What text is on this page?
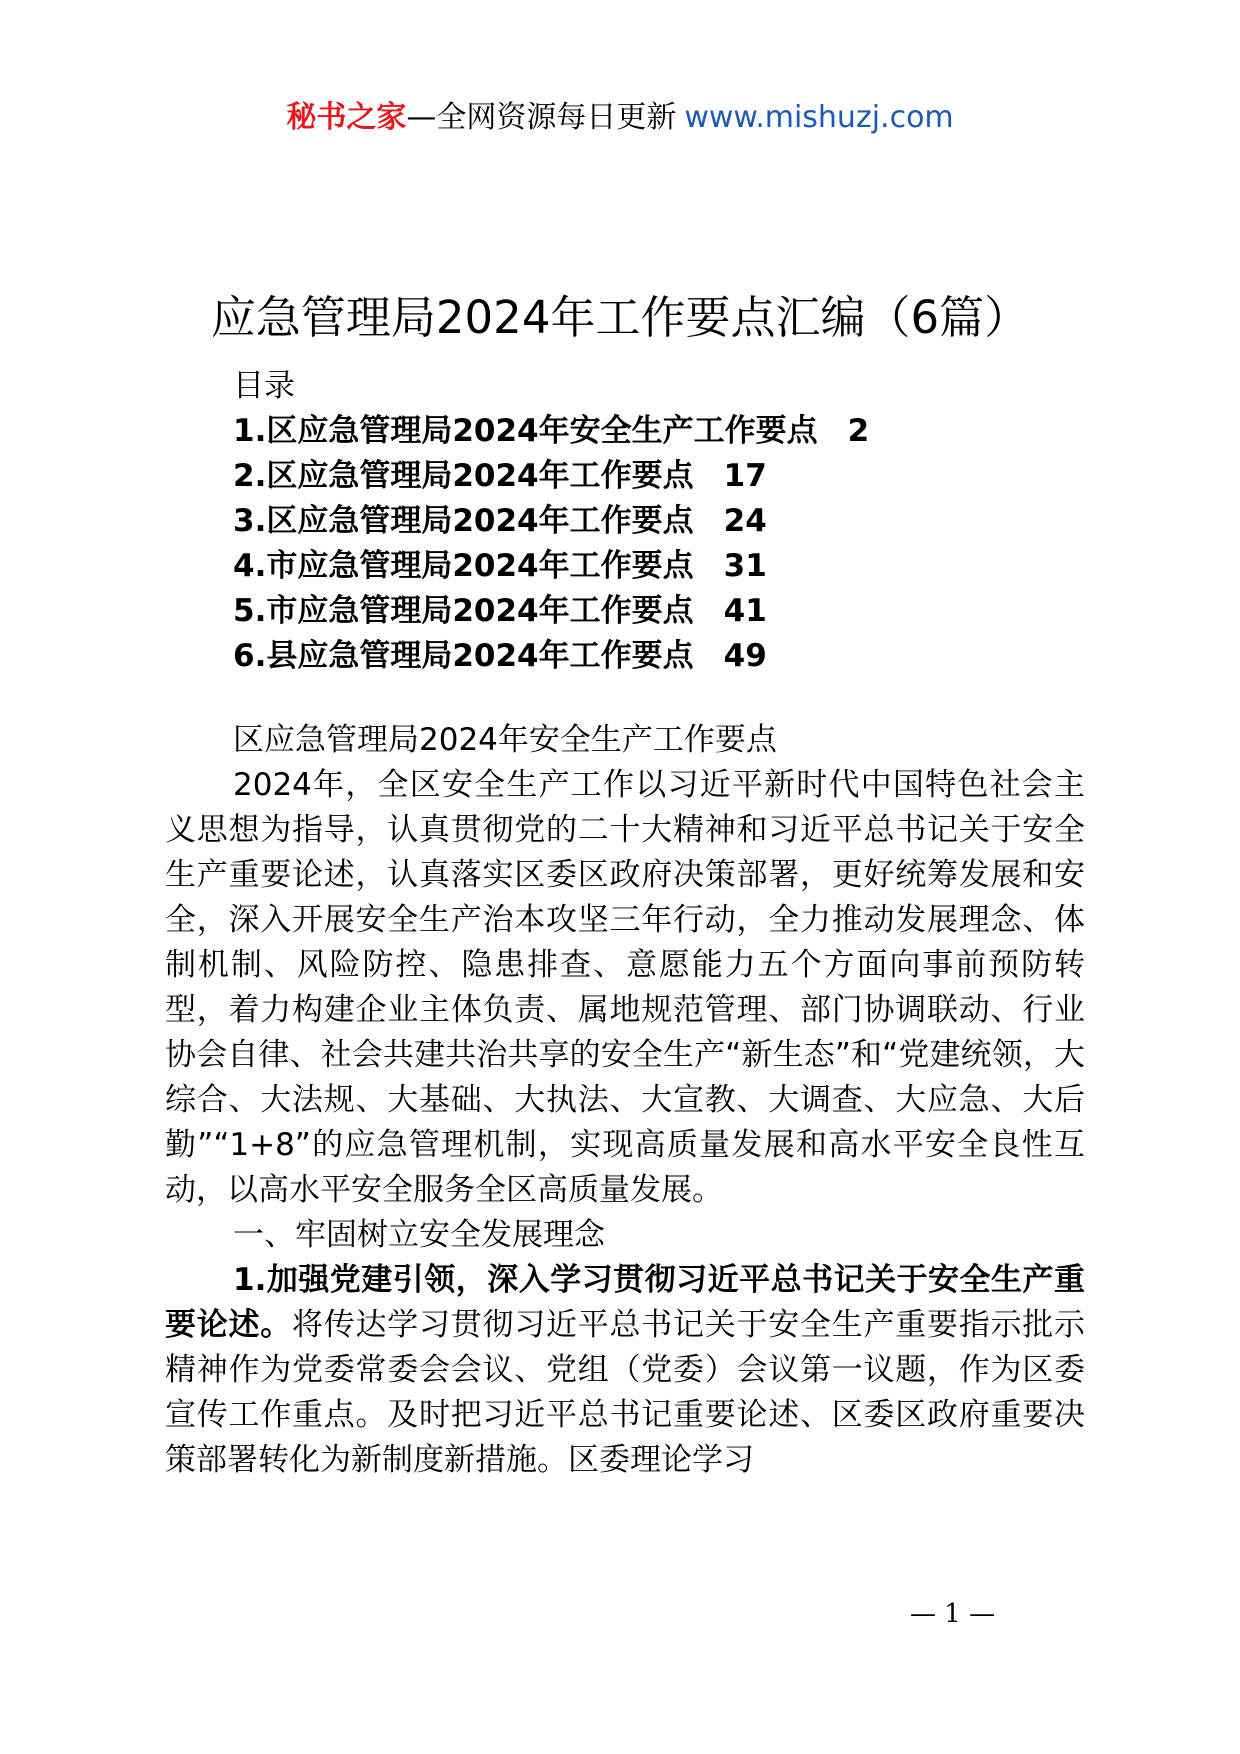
秘书之家—全网资源每日更新 www.mishuzj.com
应急管理局2024年工作要点汇编（6篇）
目录
1.区应急管理局2024年安全生产工作要点 2
2.区应急管理局2024年工作要点 17
3.区应急管理局2024年工作要点 24
4.市应急管理局2024年工作要点 31
5.市应急管理局2024年工作要点 41
6.县应急管理局2024年工作要点 49

区应急管理局2024年安全生产工作要点

2024年，全区安全生产工作以习近平新时代中国特色社会主义思想为指导，认真贯彻党的二十大精神和习近平总书记关于安全生产重要论述，认真落实区委区政府决策部署，更好统筹发展和安全，深入开展安全生产治本攻坚三年行动，全力推动发展理念、体制机制、风险防控、隐患排查、意愿能力五个方面向事前预防转型，着力构建企业主体负责、属地规范管理、部门协调联动、行业协会自律、社会共建共治共享的安全生产“新生态”和“党建统领，大综合、大法规、大基础、大执法、大宣教、大调查、大应急、大后勤”“1+8”的应急管理机制，实现高质量发展和高水平安全良性互动，以高水平安全服务全区高质量发展。

一、牢固树立安全发展理念

1.加强党建引领，深入学习贯彻习近平总书记关于安全生产重要论述。将传达学习贯彻习近平总书记关于安全生产重要指示批示精神作为党委常委会会议、党组（党委）会议第一议题，作为区委宣传工作重点。及时把习近平总书记重要论述、区委区政府重要决策部署转化为新制度新措施。区委理论学习

— 1 —
